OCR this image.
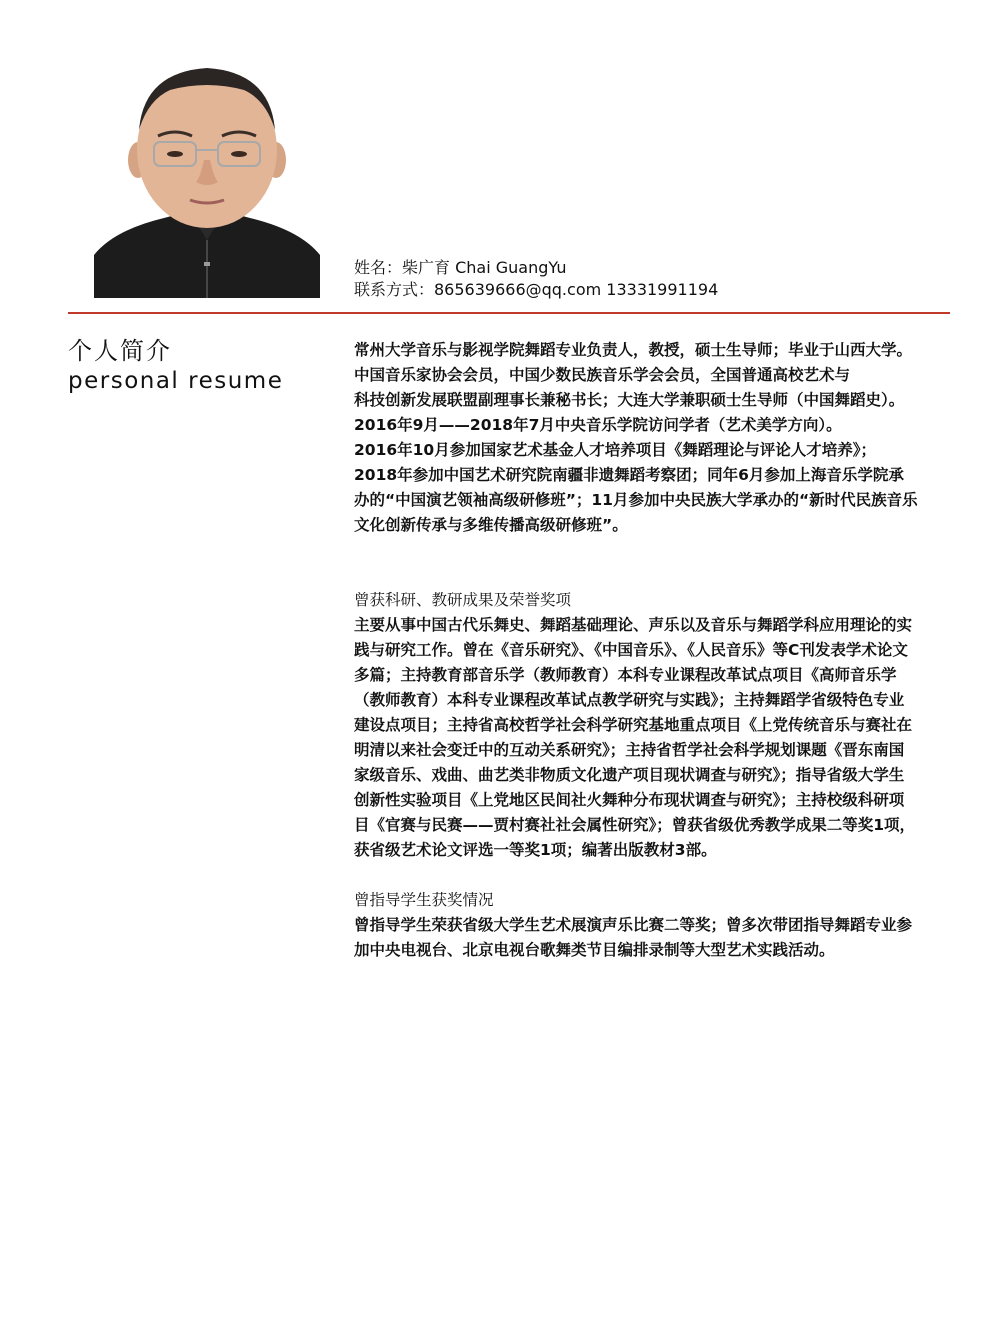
姓名：柴广育 Chai GuangYu
联系方式：865639666@qq.com 13331991194
个人简介
personal resume

常州大学音乐与影视学院舞蹈专业负责人，教授，硕士生导师；毕业于山西大学。中国音乐家协会会员，中国少数民族音乐学会会员，全国普通高校艺术与

科技创新发展联盟副理事长兼秘书长；大连大学兼职硕士生导师（中国舞蹈史）。

2016年9月——2018年7月中央音乐学院访问学者（艺术美学方向）。

2016年10月参加国家艺术基金人才培养项目《舞蹈理论与评论人才培养》；2018年参加中国艺术研究院南疆非遗舞蹈考察团；同年6月参加上海音乐学院承办的“中国演艺领袖高级研修班”；11月参加中央民族大学承办的“新时代民族音乐文化创新传承与多维传播高级研修班”。

曾获科研、教研成果及荣誉奖项

主要从事中国古代乐舞史、舞蹈基础理论、声乐以及音乐与舞蹈学科应用理论的实践与研究工作。曾在《音乐研究》、《中国音乐》、《人民音乐》等C刊发表学术论文多篇；主持教育部音乐学（教师教育）本科专业课程改革试点项目《高师音乐学（教师教育）本科专业课程改革试点教学研究与实践》；主持舞蹈学省级特色专业建设点项目；主持省高校哲学社会科学研究基地重点项目《上党传统音乐与赛社在明清以来社会变迁中的互动关系研究》；主持省哲学社会科学规划课题《晋东南国家级音乐、戏曲、曲艺类非物质文化遗产项目现状调查与研究》；指导省级大学生创新性实验项目《上党地区民间社火舞种分布现状调查与研究》；主持校级科研项目《官赛与民赛——贾村赛社社会属性研究》；曾获省级优秀教学成果二等奖1项，获省级艺术论文评选一等奖1项；编著出版教材3部。

曾指导学生获奖情况

曾指导学生荣获省级大学生艺术展演声乐比赛二等奖；曾多次带团指导舞蹈专业参加中央电视台、北京电视台歌舞类节目编排录制等大型艺术实践活动。
